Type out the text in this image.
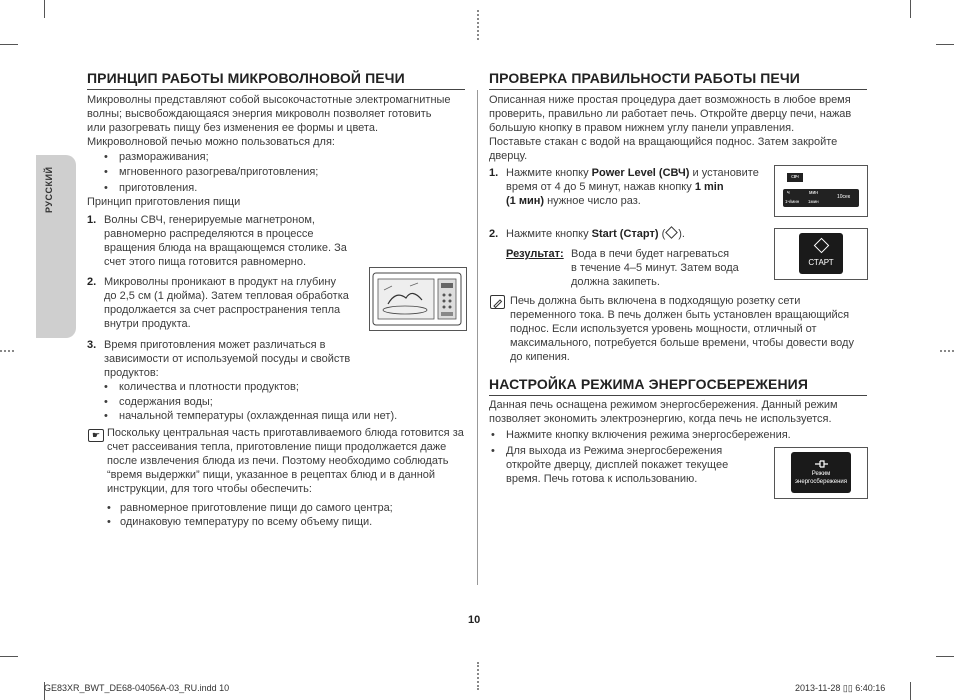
РУССКИЙ
ПРИНЦИП РАБОТЫ МИКРОВОЛНОВОЙ ПЕЧИ
Микроволны представляют собой высокочастотные электромагнитные
волны; высвобождающаяся энергия микроволн позволяет готовить
или разогревать пищу без изменения ее формы и цвета.
Микроволновой печью можно пользоваться для:
• размораживания;
• мгновенного разогрева/приготовления;
• приготовления.
Принцип приготовления пищи
1. Волны СВЧ, генерируемые магнетроном,
равномерно распределяются в процессе
вращения блюда на вращающемся столике. За
счет этого пища готовится равномерно.
2. Микроволны проникают в продукт на глубину
до 2,5 см (1 дюйма). Затем тепловая обработка
продолжается за счет распространения тепла
внутри продукта.
3. Время приготовления может различаться в
зависимости от используемой посуды и свойств
продуктов:
• количества и плотности продуктов;
• содержания воды;
• начальной температуры (охлажденная пища или нет).
☛ Поскольку центральная часть приготавливаемого блюда готовится за
счет рассеивания тепла, приготовление пищи продолжается даже
после извлечения блюда из печи. Поэтому необходимо соблюдать
“время выдержки” пищи, указанное в рецептах блюд и в данной
инструкции, для того чтобы обеспечить:
• равномерное приготовление пищи до самого центра;
• одинаковую температуру по всему объему пищи.
ПРОВЕРКА ПРАВИЛЬНОСТИ РАБОТЫ ПЕЧИ
Описанная ниже простая процедура дает возможность в любое время
проверить, правильно ли работает печь. Откройте дверцу печи, нажав
большую кнопку в правом нижнем углу панели управления.
Поставьте стакан с водой на вращающийся поднос. Затем закройте
дверцу.
1. Нажмите кнопку Power Level (СВЧ) и установите
время от 4 до 5 минут, нажав кнопку 1 min
(1 мин) нужное число раз.
свч
ч	мин
10сек
1ч/мин 1мин
2. Нажмите кнопку Start (Старт) ( ).
Результат: Вода в печи будет нагреваться
в течение 4–5 минут. Затем вода
должна закипеть.
СТАРТ
Печь должна быть включена в подходящую розетку сети
переменного тока. В печь должен быть установлен вращающийся
поднос. Если используется уровень мощности, отличный от
максимального, потребуется больше времени, чтобы довести воду
до кипения.
НАСТРОЙКА РЕЖИМА ЭНЕРГОСБЕРЕЖЕНИЯ
Данная печь оснащена режимом энергосбережения. Данный режим
позволяет экономить электроэнергию, когда печь не используется.
• Нажмите кнопку включения режима энергосбережения.
• Для выхода из Режима энергосбережения
откройте дверцу, дисплей покажет текущее
время. Печь готова к использованию.	Режим
энергосбережения
10
GE83XR_BWT_DE68-04056A-03_RU.indd 10	2013-11-28 ▯▯ 6:40:16
